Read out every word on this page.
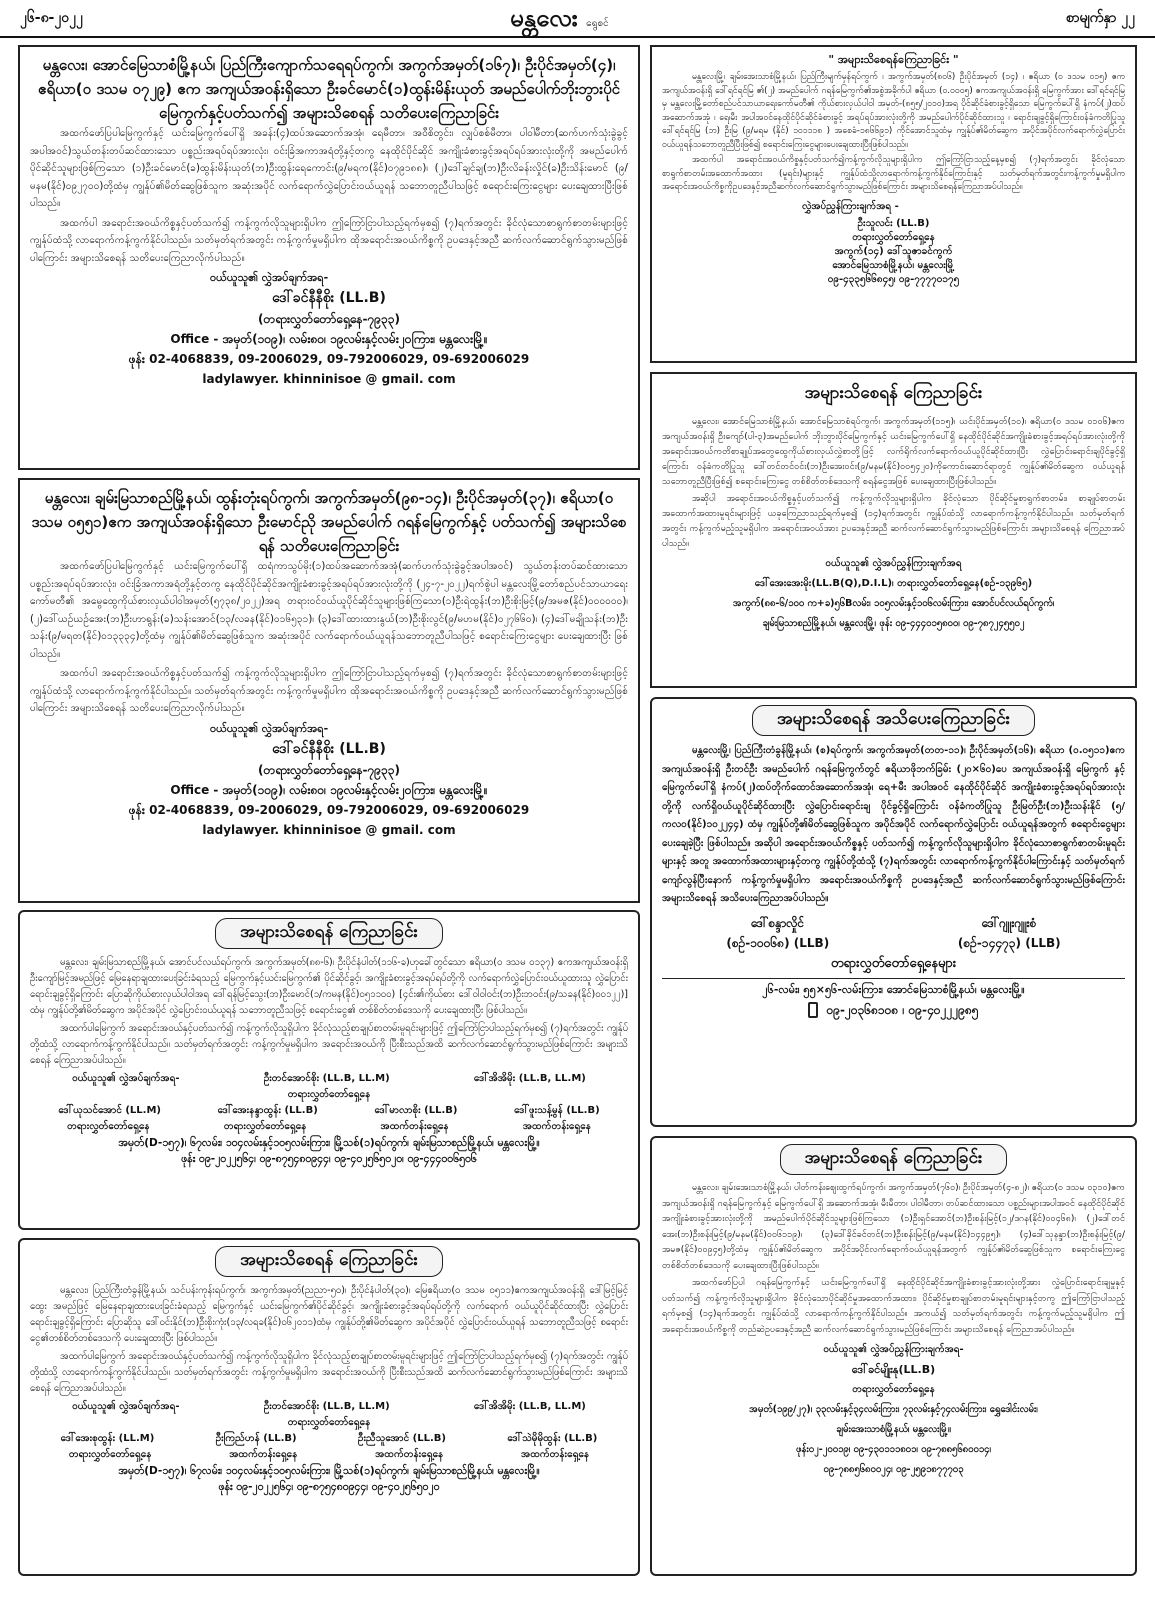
၂၆-၈-၂၀၂၂	မန္တလေး ရွေစင်	စာမျက်နှာ ၂၂
မန္တလေး၊ အောင်မြေသာစံမြို့နယ်၊ ပြည်ကြီးကျောက်သရေရပ်ကွက်၊ အကွက်အမှတ်(၁၆၇)၊ ဦးပိုင်အမှတ်(၄)၊ ဧရိယာ(၀ ဒသမ ၀၇၂၉) ဧက အကျယ်အဝန်းရှိသော ဦးခင်မောင်(၁)ထွန်းမိန်းယုတ် အမည်ပေါက်ဘိုးဘွားပိုင်မြေကွက်နှင့်ပတ်သက်၍ အများသိစေရန် သတိပေးကြေညာခြင်း
အထက်ဖော်ပြပါမြေကွက်နှင့် ယင်းမြေကွက်ပေါ်ရှိ အခန်း(၄)ထပ်အဆောက်အအုံ၊ ရေမီတာ၊ အဝီစိတွင်း၊ လျှပ်စစ်မီတာ၊ ပါဝါမီတာ(ဆက်ဟက်သုံးခွဲခွင့်အပါအဝင်)သွယ်တန်းတပ်ဆင်ထားသော ပစ္စည်းအရပ်ရပ်အားလုံး၊ ဝင်းခြံအကာအရံတို့နှင့်တကွ နေထိုင်ပိုင်ဆိုင် အကျိုးခံစားခွင့်အရပ်ရပ်အားလုံးတို့ကို အမည်ပေါက် ပိုင်ဆိုင်သူများဖြစ်ကြသော (၁)ဦးခင်မောင်(ခ)ထွန်းမိန်းယုတ်(ဘ)ဦးထွန်းရေကောင်း(၉/မရက(နိုင်)၀၇၉၁၈၈)၊ (၂)ဒေါ်ချင်ချ(ဘ)ဦးလိခန်းလှိုင်(ခ)ဦးသိန်းမောင် (၉/မနမ(နိုင်)၀၉၂၇၀၀)တို့ထံမှ ကျွန်ုပ်၏မိတ်ဆွေဖြစ်သူက အဆုံးအပိုင် လက်ရောက်လွှဲပြောင်းဝယ်ယူရန် သဘောတူညီပါသဖြင့် စရောင်းကြေးငွေများ ပေးချေထားပြီးဖြစ်ပါသည်။
အထက်ပါ အရောင်းအဝယ်ကိစ္စနှင့်ပတ်သက်၍ ကန့်ကွက်လိုသူများရှိပါက ဤကြော်ငြာပါသည့်ရက်မှစ၍ (၇)ရက်အတွင်း ခိုင်လုံသောစာရွက်စာတမ်းများဖြင့် ကျွန်ုပ်ထံသို့ လာရောက်ကန့်ကွက်နိုင်ပါသည်။ သတ်မှတ်ရက်အတွင်း ကန့်ကွက်မှုမရှိပါက ထိုအရောင်းအဝယ်ကိစ္စကို ဥပဒေနှင့်အညီ ဆက်လက်ဆောင်ရွက်သွားမည်ဖြစ်ပါကြောင်း အများသိစေရန် သတိပေးကြေညာလိုက်ပါသည်။
ဝယ်ယူသူ၏ လွှဲအပ်ချက်အရ-
ဒေါ်ခင်နီနီစိုး (LL.B)
(တရားလွှတ်တော်ရှေ့နေ-၇၉၃၃)
Office - အမှတ်(၁၀၉)၊ လမ်း၈၀၊ ၁၉လမ်းနှင့်လမ်း၂၀ကြား၊ မန္တလေးမြို့။
ဖုန်း 02-4068839, 09-2006029, 09-792006029, 09-692006029
ladylawyer. khinninisoe @ gmail. com
မန္တလေး၊ ချမ်းမြသာစည်မြို့နယ်၊ ထွန်းတုံးရပ်ကွက်၊ အကွက်အမှတ်(၉၈-၁၄)၊ ဦးပိုင်အမှတ်(၃၇)၊ ဧရိယာ(၀ ဒသမ ၀၅၅၁)ဧက အကျယ်အဝန်းရှိသော ဦးမောင်ညို အမည်ပေါက် ဂရန်မြေကွက်နှင့် ပတ်သက်၍ အများသိစေရန် သတိပေးကြေညာခြင်း
အထက်ဖော်ပြပါမြေကွက်နှင့် ယင်းမြေကွက်ပေါ်ရှိ ထရံကာသွပ်မိုး(၁)ထပ်အဆောက်အအုံ(ဆက်ဟက်သုံးခွဲခွင့်အပါအဝင်) သွယ်တန်းတပ်ဆင်ထားသော ပစ္စည်းအရပ်ရပ်အားလုံး၊ ဝင်းခြံအကာအရံတို့နှင့်တကွ နေထိုင်ပိုင်ဆိုင်အကျိုးခံစားခွင့်အရပ်ရပ်အားလုံးတို့ကို (၂၄-၇-၂၀၂၂)ရက်စွဲပါ မန္တလေးမြို့တော်စည်ပင်သာယာရေးကော်မတီ၏ အမွေထွေကိုယ်စားလှယ်ပါဝါအမှတ်(၅၇၃၈/၂၀၂၂)အရ တရားဝင်ဝယ်ယူပိုင်ဆိုင်သူများဖြစ်ကြသော(၁)ဦးရဲထွန်း(ဘ)ဦးစိုးမြင့်(၉/အမဇ(နိုင်)၀၀၀၀၀၀)၊ (၂)ဒေါ်ယဉ်ယဉ်အေး(ဘ)ဦးဟာရွန်း(ခ)သန်းအောင်(၁၃/လခန(နိုင်)၀၁၆၅၃၁)၊ (၃)ဒေါ်ထားထားနွယ်(ဘ)ဦးစိုးလွင်(၉/မဟမ(နိုင်)၀၂၇၆၆၀)၊ (၄)ဒေါ်မချိုသန်း(ဘ)ဦးသန်း(၉/မရတ(နိုင်)၀၁၃၃၃၄)တို့ထံမှ ကျွန်ုပ်၏မိတ်ဆွေဖြစ်သူက အဆုံးအပိုင် လက်ရောက်ဝယ်ယူရန်သဘောတူညီပါသဖြင့် စရောင်းကြေးငွေများ ပေးချေထားပြီး ဖြစ်ပါသည်။
အထက်ပါ အရောင်းအဝယ်ကိစ္စနှင့်ပတ်သက်၍ ကန့်ကွက်လိုသူများရှိပါက ဤကြော်ငြာပါသည့်ရက်မှစ၍ (၇)ရက်အတွင်း ခိုင်လုံသောစာရွက်စာတမ်းများဖြင့် ကျွန်ုပ်ထံသို့ လာရောက်ကန့်ကွက်နိုင်ပါသည်။ သတ်မှတ်ရက်အတွင်း ကန့်ကွက်မှုမရှိပါက ထိုအရောင်းအဝယ်ကိစ္စကို ဥပဒေနှင့်အညီ ဆက်လက်ဆောင်ရွက်သွားမည်ဖြစ်ပါကြောင်း အများသိစေရန် သတိပေးကြေညာလိုက်ပါသည်။
ဝယ်ယူသူ၏ လွှဲအပ်ချက်အရ-
ဒေါ်ခင်နီနီစိုး (LL.B)
(တရားလွှတ်တော်ရှေ့နေ-၇၉၃၃)
Office - အမှတ်(၁၀၉)၊ လမ်း၈၀၊ ၁၉လမ်းနှင့်လမ်း၂၀ကြား၊ မန္တလေးမြို့။
ဖုန်း 02-4068839, 09-2006029, 09-792006029, 09-692006029
ladylawyer. khinninisoe @ gmail. com
အများသိစေရန် ကြေညာခြင်း
မန္တလေး၊ ချမ်းမြသာစည်မြို့နယ်၊ အောင်ပင်လယ်ရပ်ကွက်၊ အကွက်အမှတ်(၈၈-၆)၊ ဦးပိုင်နံပါတ်(၁၁၆-ခ)ဟုခေါ်တွင်သော ဧရိယာ(၀ ဒသမ ၀၁၃၇) ဧကအကျယ်အဝန်းရှိ ဦးကျော်မြင့်အမည်ဖြင့် မြေနေရာချထားပေးခြင်းခံရသည့် မြေကွက်နှင့်ယင်းမြေကွက်၏ ပိုင်ဆိုင်ခွင့်၊ အကျိုးခံစားခွင့်အရပ်ရပ်တို့ကို လက်ရောက်လွှဲပြောင်းဝယ်ယူထားသူ လွှဲပြောင်းရောင်းချခွင့်ရှိကြောင်း ပြောဆိုကိုယ်စားလှယ်ပါဝါအရ ဒေါ်ရန်မြင့်သွေး(ဘ)ဦးမောင်(၁/ကမန(နိုင်)၀၅၁၁၀၀) [၄င်း၏ကိုယ်စား ဒေါ်ဝါဝါဝင်း(ဘ)ဦးဘဝင်း(၉/သခန(နိုင်)၀၀၁၂၂)] ထံမှ ကျွန်ုပ်တို့၏မိတ်ဆွေက အပိုင်အပိုင် လွှဲပြောင်းဝယ်ယူရန် သဘောတူညီသဖြင့် စရောင်းငွေ၏ တစ်စိတ်တစ်ဒေသကို ပေးချေထားပြီး ဖြစ်ပါသည်။
အထက်ပါမြေကွက် အရောင်းအဝယ်နှင့်ပတ်သက်၍ ကန့်ကွက်လိုသူရှိပါက ခိုင်လုံသည့်စာချုပ်စာတမ်းမူရင်းများဖြင့် ဤကြော်ငြာပါသည့်ရက်မှစ၍ (၇)ရက်အတွင်း ကျွန်ုပ်တို့ထံသို့ လာရောက်ကန့်ကွက်နိုင်ပါသည်။ သတ်မှတ်ရက်အတွင်း ကန့်ကွက်မှုမရှိပါက အရောင်းအဝယ်ကို ပြီးစီးသည်အထိ ဆက်လက်ဆောင်ရွက်သွားမည်ဖြစ်ကြောင်း အများသိစေရန် ကြေညာအပ်ပါသည်။
ဝယ်ယူသူ၏ လွှဲအပ်ချက်အရ-	ဦးတင်အောင်စိုး (LL.B, LL.M)	ဒေါ်အိအိမိုး (LL.B, LL.M)
တရားလွှတ်တော်ရှေ့နေ
ဒေါ်ယုသင်အောင် (LL.M)	ဒေါ်အေးနန္ဒာထွန်း (LL.B)	ဒေါ်မာလာစိုး (LL.B)	ဒေါ်ဖူးသန့်မွန် (LL.B)
တရားလွှတ်တော်ရှေ့နေ	တရားလွှတ်တော်ရှေ့နေ	အထက်တန်းရှေ့နေ	အထက်တန်းရှေ့နေ
အမှတ်(D-၁၅၇)၊ ၆၇လမ်း၊ ၁၀၄လမ်းနှင့်၁၀၅လမ်းကြား၊ မြို့သစ်(၁)ရပ်ကွက်၊ ချမ်းမြသာစည်မြို့နယ်၊ မန္တလေးမြို့။
ဖုန်း ၀၉-၂၀၂၂၅၆၄၊ ၀၉-၈၇၅၄၈၀၉၄၄၊ ၀၉-၄၀၂၅၆၅၀၂၀၊ ၀၉-၄၄၄၀၀၆၅၀၆
အများသိစေရန် ကြေညာခြင်း
မန္တလေး၊ ပြည်ကြီးတံခွန်မြို့နယ်၊ သင်ပန်းကုန်းရပ်ကွက်၊ အကွက်အမှတ်(ညညာ-၅၀)၊ ဦးပိုင်နံပါတ်(၃၀)၊ မြေဧရိယာ(၀ ဒသမ ၀၅၁၁)ဧကအကျယ်အဝန်းရှိ ဒေါ်မြင့်မြင့်ထွေး အမည်ဖြင့် မြေနေရာချထားပေးခြင်းခံရသည့် မြေကွက်နှင့် ယင်းမြေကွက်၏ပိုင်ဆိုင်ခွင့်၊ အကျိုးခံစားခွင့်အရပ်ရပ်တို့ကို လက်ရောက် ဝယ်ယူပိုင်ဆိုင်ထားပြီး လွှဲပြောင်းရောင်းချခွင့်ရှိကြောင်း ပြောဆိုသူ ဒေါ်ဝင်းနိုင်(ဘ)ဦးစိုးကုံး(၁၃/လရခ(နိုင်)၀၆၂၀၁၁)ထံမှ ကျွန်ုပ်တို့၏မိတ်ဆွေက အပိုင်အပိုင် လွှဲပြောင်းဝယ်ယူရန် သဘောတူညီသဖြင့် စရောင်းငွေ၏တစ်စိတ်တစ်ဒေသကို ပေးချေထားပြီး ဖြစ်ပါသည်။
အထက်ပါမြေကွက် အရောင်းအဝယ်နှင့်ပတ်သက်၍ ကန့်ကွက်လိုသူရှိပါက ခိုင်လုံသည့်စာချုပ်စာတမ်းမူရင်းများဖြင့် ဤကြော်ငြာပါသည့်ရက်မှစ၍ (၇)ရက်အတွင်း ကျွန်ုပ်တို့ထံသို့ လာရောက်ကန့်ကွက်နိုင်ပါသည်။ သတ်မှတ်ရက်အတွင်း ကန့်ကွက်မှုမရှိပါက အရောင်းအဝယ်ကို ပြီးစီးသည်အထိ ဆက်လက်ဆောင်ရွက်သွားမည်ဖြစ်ကြောင်း အများသိစေရန် ကြေညာအပ်ပါသည်။
ဝယ်ယူသူ၏ လွှဲအပ်ချက်အရ-	ဦးတင်အောင်စိုး (LL.B, LL.M)	ဒေါ်အိအိမိုး (LL.B, LL.M)
တရားလွှတ်တော်ရှေ့နေ
ဒေါ်အေးစုထွန်း (LL.M)	ဦးကြည်ဟန် (LL.B)	ဦးညီသူအောင် (LL.B)	ဒေါ်သဲမိုမိုထွန်း (LL.B)
တရားလွှတ်တော်ရှေ့နေ	အထက်တန်းရှေ့နေ	အထက်တန်းရှေ့နေ	အထက်တန်းရှေ့နေ
အမှတ်(D-၁၅၇)၊ ၆၇လမ်း၊ ၁၀၄လမ်းနှင့်၁၀၅လမ်းကြား၊ မြို့သစ်(၁)ရပ်ကွက်၊ ချမ်းမြသာစည်မြို့နယ်၊ မန္တလေးမြို့။
ဖုန်း ၀၉-၂၀၂၂၅၆၄၊ ၀၉-၈၇၅၄၈၀၉၄၄၊ ၀၉-၄၀၂၅၆၅၀၂၀
" အများသိစေရန်ကြေညာခြင်း "
မန္တလေးမြို့၊ ချမ်းအေးသာစံမြို့နယ်၊ ပြည်ကြီးမျက်မှန်ရပ်ကွက် ၊ အကွက်အမှတ်(၈၀၆) ဦးပိုင်အမှတ် (၁၄) ၊ ဧရိယာ (၀ ဒသမ ၀၁၅) ဧက အကျယ်အဝန်းရှိ ဒေါ်ရင်ရင်မြ ၏(၂) အမည်ပေါက် ဂရန်မြေကွက်၏အစွဲအခိုက်ပါ ဧရိယာ (၀.၀၀၀၅) ဧကအကျယ်အဝန်းရှိ မြေကွက်အား ဒေါ်ရင်ရင်မြ မှ မန္တလေးမြို့တော်စည်ပင်သာယာရေးကော်မတီ၏ ကိုယ်စားလှယ်ပါဝါ အမှတ်-(၈၅၅/၂၀၁၀)အရ ပိုင်ဆိုင်ခံစားခွင့်ရှိသော မြေကွက်ပေါ်ရှိ နံကပ်(၂)ထပ် အဆောက်အအုံ ၊ ရေ၊မီး အပါအဝင်နေထိုင်ပိုင်ဆိုင်ခံစားခွင့် အရပ်ရပ်အားလုံးတို့ကို အမည်ပေါက်ပိုင်ဆိုင်ထားသူ ၊ ရောင်းချခွင့်ရှိကြောင်းဝန်ခံကတိပြုသူ ဒေါ်ရင်ရင်မြ (ဘ) ဦးမြ (၉/မရမ (နိုင်) ၁၀၁၁၁၈ ) အစေခံ-၁၈၆၆၉၁) ကိုင်အောင်သူထံမှ ကျွန်ုပ်၏မိတ်ဆွေက အပိုင်အပိုင်လက်ရောက်လွှဲပြောင်းဝယ်ယူရန်သဘောတူညီပြီးဖြစ်၍ စရောင်းကြေးငွေများပေးချေထားပြီးဖြစ်ပါသည်။
အထက်ပါ အရောင်းအဝယ်ကိစ္စနှင့်ပတ်သက်၍ကန့်ကွက်လိုသူများရှိပါက ဤကြော်ငြာသည့်နေ့မှစ၍ (၇)ရက်အတွင်း ခိုင်လုံသောစာရွက်စာတမ်းအထောက်အထား (မူရင်း)များနှင့် ကျွန်ုပ်ထံသို့လာရောက်ကန့်ကွက်နိုင်ကြောင်းနှင့် သတ်မှတ်ရက်အတွင်းကန့်ကွက်မှုမရှိပါက အရောင်းအဝယ်ကိစ္စကိုဥပဒေနှင့်အညီဆက်လက်ဆောင်ရွက်သွားမည်ဖြစ်ကြောင်း အများသိစေရန်ကြေညာအပ်ပါသည်။
လွှဲအပ်ညွှန်ကြားချက်အရ -
ဦးသူလင်း (LL.B)
တရားလွှတ်တော်ရှေ့နေ
အကွက်(၁၄) ဒေါ်သူဇာခင်ကွက်
အောင်မြေသာစံမြို့နယ်၊ မန္တလေးမြို့
၀၉-၄၃၃၅၆၆၈၄၅၊ ၀၉-၇၇၇၇၀၁၇၅
အများသိစေရန် ကြေညာခြင်း
မန္တလေး၊ အောင်မြေသာစံမြို့နယ်၊ အောင်မြေသာစံရပ်ကွက်၊ အကွက်အမှတ်(၁၁၅)၊ ယင်းပိုင်အမှတ်(၁၀)၊ ဧရိယာ(၀ ဒသမ ၀၁၀၆)ဧကအကျယ်အဝန်းရှိ ဦးကျော်(ပါ-၃)အမည်ပေါက် ဘိုးဘွားပိုင်မြေကွက်နှင့် ယင်းမြေကွက်ပေါ်ရှိ နေထိုင်ပိုင်ဆိုင်အကျိုးခံစားခွင့်အရပ်ရပ်အားလုံးတို့ကို အရောင်းအဝယ်ကတိစာချုပ်အတွေထွေကိုယ်စားလှယ်လွှဲစာတို့ဖြင့် လက်ရိုက်လက်ရောက်ဝယ်ယူပိုင်ဆိုင်ထားပြီး လွှဲပြောင်းရောင်းချပိုင်ခွင့်ရှိကြောင်း ဝန်ခံကတိပြုသူ ဒေါ်တင်တင်ဝင်း(ဘ)ဦးအေးဝင်း(၉/မနမ(နိုင်)၀၀၅၄၂၀)ကိုကောင်းဆောင်ရာတွင် ကျွန်ုပ်၏မိတ်ဆွေက ဝယ်ယူရန် သဘောတူညီပြီးဖြစ်၍ စရောင်းကြေးငွေ တစ်စိတ်တစ်ဒေသကို စရန်ငွေအဖြစ် ပေးချေထားပြီးဖြစ်ပါသည်။
အဆိုပါ အရောင်းအဝယ်ကိစ္စနှင့်ပတ်သက်၍ ကန့်ကွက်လိုသူများရှိပါက ခိုင်လုံသော ပိုင်ဆိုင်မှုစာရွက်စာတမ်း၊ စာချုပ်စာတမ်း အထောက်အထားမူရင်းများဖြင့် ယခုကြေညာသည့်ရက်မှစ၍ (၁၄)ရက်အတွင်း ကျွန်ုပ်ထံသို့ လာရောက်ကန့်ကွက်နိုင်ပါသည်။ သတ်မှတ်ရက်အတွင်း ကန့်ကွက်မည့်သူမရှိပါက အရောင်းအဝယ်အား ဥပဒေနှင့်အညီ ဆက်လက်ဆောင်ရွက်သွားမည်ဖြစ်ကြောင်း အများသိစေရန် ကြေညာအပ်ပါသည်။
ဝယ်ယူသူ၏ လွှဲအပ်ညွှန်ကြားချက်အရ
ဒေါ်အေးအေးမိုး(LL.B(Q),D.I.L)၊ တရားလွှတ်တော်ရှေ့နေ(စဉ်-၁၃၉၆၅)
အကွက်(၈၈-၆/၁၀၀ က+ခ)၅၆Bလမ်း၊ ၁၀၅လမ်းနှင့်၁၀၆လမ်းကြား၊ အောင်ပင်လယ်ရပ်ကွက်၊
ချမ်းမြသာစည်မြို့နယ်၊ မန္တလေးမြို့၊ ဖုန်း ၀၉-၄၄၄၀၁၅၈၀၀၊ ၀၉-၇၈၇၂၄၅၅၀၂
အများသိစေရန် အသိပေးကြေညာခြင်း
မန္တလေးမြို့၊ ပြည်ကြီးတံခွန်မြို့နယ်၊ (စ)ရပ်ကွက်၊ အကွက်အမှတ်(တတ-၁၁)၊ ဦးပိုင်အမှတ်(၁၆)၊ ဧရိယာ (၀.၀၅၁၁)ဧက အကျယ်အဝန်းရှိ ဦးတင်ဦး အမည်ပေါက် ဂရန်မြေကွက်တွင် ဧရိယာဖိုဘက်ခြမ်း (၂၀×၆၀)ပေ အကျယ်အဝန်းရှိ မြေကွက် နှင့် မြေကွက်ပေါ်ရှိ နံကပ်(၂)ထပ်တိုက်ထောင်အဆောက်အအုံ၊ ရေ+မီး အပါအဝင် နေထိုင်ပိုင်ဆိုင် အကျိုးခံစားခွင့်အရပ်ရပ်အားလုံးတို့ကို လက်ရှိဝယ်ယူပိုင်ဆိုင်ထားပြီး လွှဲပြောင်းရောင်းချ ပိုင်ခွင့်ရှိကြောင်း ဝန်ခံကတိပြုသူ ဦးမြတ်ဦး(ဘ)ဦးသန်းနိုင် (၅/ကလဝ(နိုင်)၁၀၂၂၄၄) ထံမှ ကျွန်ုပ်တို့၏မိတ်ဆွေဖြစ်သူက အပိုင်အပိုင် လက်ရောက်လွှဲပြောင်း ဝယ်ယူရန်အတွက် စရောင်းငွေများပေးချေခဲ့ပြီး ဖြစ်ပါသည်။ အဆိုပါ အရောင်းအဝယ်ကိစ္စနှင့် ပတ်သက်၍ ကန့်ကွက်လိုသူများရှိပါက ခိုင်လုံသောစာရွက်စာတမ်းမူရင်းများနှင့် အတူ အထောက်အထားများနှင့်တကွ ကျွန်ုပ်တို့ထံသို့ (၇)ရက်အတွင်း လာရောက်ကန့်ကွက်နိုင်ပါကြောင်းနှင့် သတ်မှတ်ရက် ကျော်လွန်ပြီးနောက် ကန့်ကွက်မှုမရှိပါက အရောင်းအဝယ်ကိစ္စကို ဥပဒေနှင့်အညီ ဆက်လက်ဆောင်ရွက်သွားမည်ဖြစ်ကြောင်း အများသိစေရန် အသိပေးကြေညာအပ်ပါသည်။
ဒေါ်စန္ဒာလှိုင်	ဒေါ်ဂျူးဂျူးစံ
(စဉ်-၁၀၀၆၈) (LLB)	(စဉ်-၁၄၄၇၃) (LLB)
တရားလွှတ်တော်ရှေ့နေများ
၂၆-လမ်း၊ ၅၅×၅၆-လမ်းကြား၊ အောင်မြေသာစံမြို့နယ်၊ မန္တလေးမြို့။
၀၉-၂၀၃၆၈၁၀၈ ၊ ၀၉-၄၀၂၂၂၉၈၅
အများသိစေရန် ကြေညာခြင်း
မန္တလေး၊ ချမ်းအေးသာစံမြို့နယ်၊ ပါတ်ကန်းဈေးထွက်ရပ်ကွက်၊ အကွက်အမှတ်(၇၆၀)၊ ဦးပိုင်အမှတ်(၄-၈၂)၊ ဧရိယာ(၀ ဒသမ ၀၃၁၀)ဧကအကျယ်အဝန်းရှိ ဂရန်မြေကွက်နှင့် မြေကွက်ပေါ်ရှိ အဆောက်အအုံ၊ မီးမီတာ၊ ပါဝါမီတာ၊ တပ်ဆင်ထားသော ပစ္စည်းများအပါအဝင် နေထိုင်ပိုင်ဆိုင်အကျိုးခံစားခွင့်အားလုံးတို့ကို အမည်ပေါက်ပိုင်ဆိုင်သူများဖြစ်ကြသော (၁)ဦးရှင်အောင်(ဘ)ဦးစန်းမြင့်(၁၂/ဒဂန(နိုင်)၀၀၄၆၈)၊ (၂)ဒေါ်တင်အေး(ဘ)ဦးစန်းမြင့်(၉/မနမ(နိုင်)၀၀၆၁၁၉)၊ (၃)ဒေါ်ခိုင်ခင်တင်(ဘ)ဦးစန်းမြင့်(၉/မနမ(နိုင်)၁၄၄၉၅)၊ (၄)ဒေါ်သုနန္ဒာ(ဘ)ဦးစန်းမြင့်(၉/အမဇ(နိုင်)၀၀၉၄၅)တို့ထံမှ ကျွန်ုပ်၏မိတ်ဆွေက အပိုင်အပိုင်လက်ရောက်ဝယ်ယူရန်အတွက် ကျွန်ုပ်၏မိတ်ဆွေဖြစ်သူက စရောင်းကြေးငွေ တစ်စိတ်တစ်ဒေသကို ပေးချေထားပြီးဖြစ်ပါသည်။
အထက်ဖော်ပြပါ ဂရန်မြေကွက်နှင့် ယင်းမြေကွက်ပေါ်ရှိ နေထိုင်ပိုင်ဆိုင်အကျိုးခံစားခွင့်အားလုံးတို့အား လွှဲပြောင်းရောင်းချမှုနှင့်ပတ်သက်၍ ကန့်ကွက်လိုသူများရှိပါက ခိုင်လုံသောပိုင်ဆိုင်မှုအထောက်အထား၊ ပိုင်ဆိုင်မှုစာချုပ်စာတမ်းမူရင်းများနှင့်တကွ ဤကြော်ငြာပါသည့်ရက်မှစ၍ (၁၄)ရက်အတွင်း ကျွန်ုပ်ထံသို့ လာရောက်ကန့်ကွက်နိုင်ပါသည်။ အကယ်၍ သတ်မှတ်ရက်အတွင်း ကန့်ကွက်မည့်သူမရှိပါက ဤအရောင်းအဝယ်ကိစ္စကို တည်ဆဲဥပဒေနှင့်အညီ ဆက်လက်ဆောင်ရွက်သွားမည်ဖြစ်ကြောင်း အများသိစေရန် ကြေညာအပ်ပါသည်။
ဝယ်ယူသူ၏ လွှဲအပ်ညွှန်ကြားချက်အရ-
ဒေါ်ခင်မျိုးနု(LL.B)
တရားလွှတ်တော်ရှေ့နေ
အမှတ်(၁၉၉/၂၇)၊ ၃၃လမ်းနှင့်၃၄လမ်းကြား၊ ၇၃လမ်းနှင့်၇၄လမ်းကြား၊ ရွှေဒေါင်းလမ်း၊
ချမ်းအေးသာစံမြို့နယ်၊ မန္တလေးမြို့။
ဖုန်း၀၂-၂၀၀၁၉၊ ၀၉-၄၃၀၁၁၁၈၀၁၊ ၀၉-၇၈၈၅၆၈၀၀၁၄၊
၀၉-၇၈၈၅၆၈၀၀၂၄၊ ၀၉-၂၅၉၁၈၇၇၇၀၃
